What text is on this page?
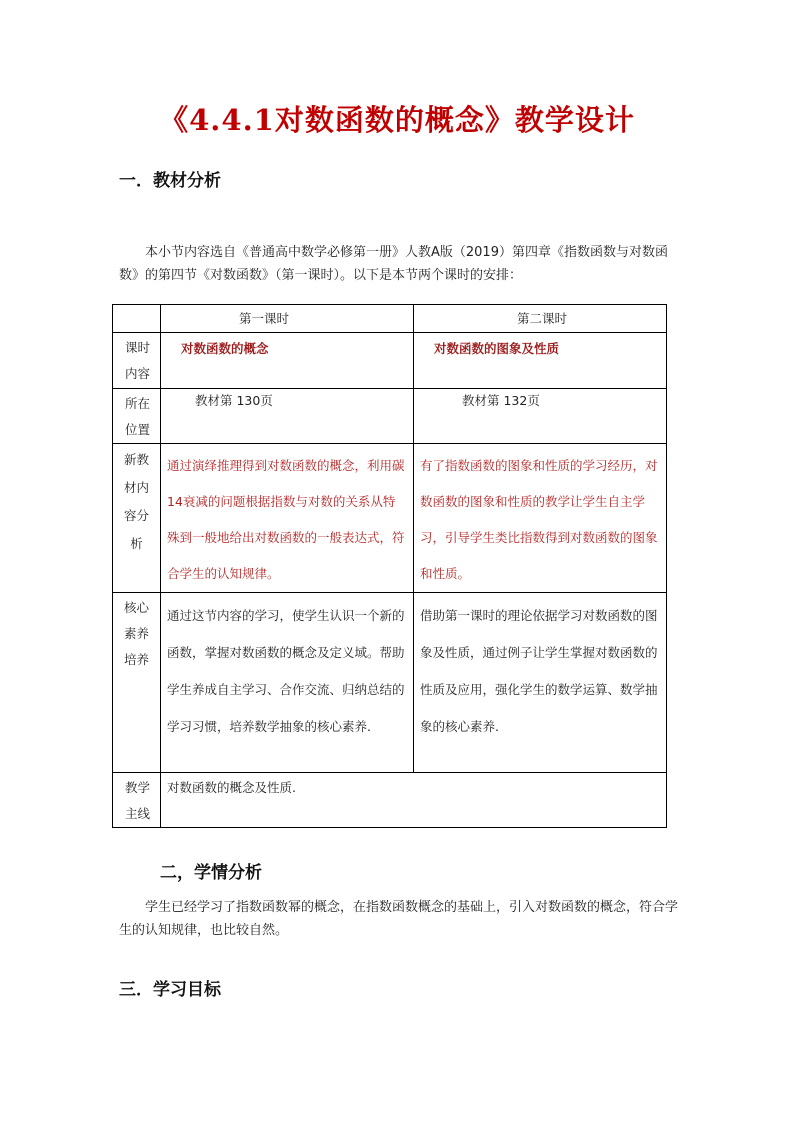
《4.4.1对数函数的概念》教学设计
一．教材分析

本小节内容选自《普通高中数学必修第一册》人教A版（2019）第四章《指数函数与对数函数》的第四节《对数函数》（第一课时）。以下是本节两个课时的安排：

	第一课时	第二课时
课时内容	对数函数的概念	对数函数的图象及性质
所在位置	教材第 130页	教材第 132页
新教材内容分析	通过演绎推理得到对数函数的概念，利用碳14衰减的问题根据指数与对数的关系从特殊到一般地给出对数函数的一般表达式，符合学生的认知规律。	有了指数函数的图象和性质的学习经历，对数函数的图象和性质的教学让学生自主学习，引导学生类比指数得到对数函数的图象和性质。
核心素养培养	通过这节内容的学习，使学生认识一个新的函数，掌握对数函数的概念及定义域。帮助学生养成自主学习、合作交流、归纳总结的学习习惯，培养数学抽象的核心素养.	借助第一课时的理论依据学习对数函数的图象及性质，通过例子让学生掌握对数函数的性质及应用，强化学生的数学运算、数学抽象的核心素养.
教学主线	对数函数的概念及性质.	
二，学情分析

学生已经学习了指数函数幂的概念，在指数函数概念的基础上，引入对数函数的概念，符合学生的认知规律，也比较自然。

三．学习目标
